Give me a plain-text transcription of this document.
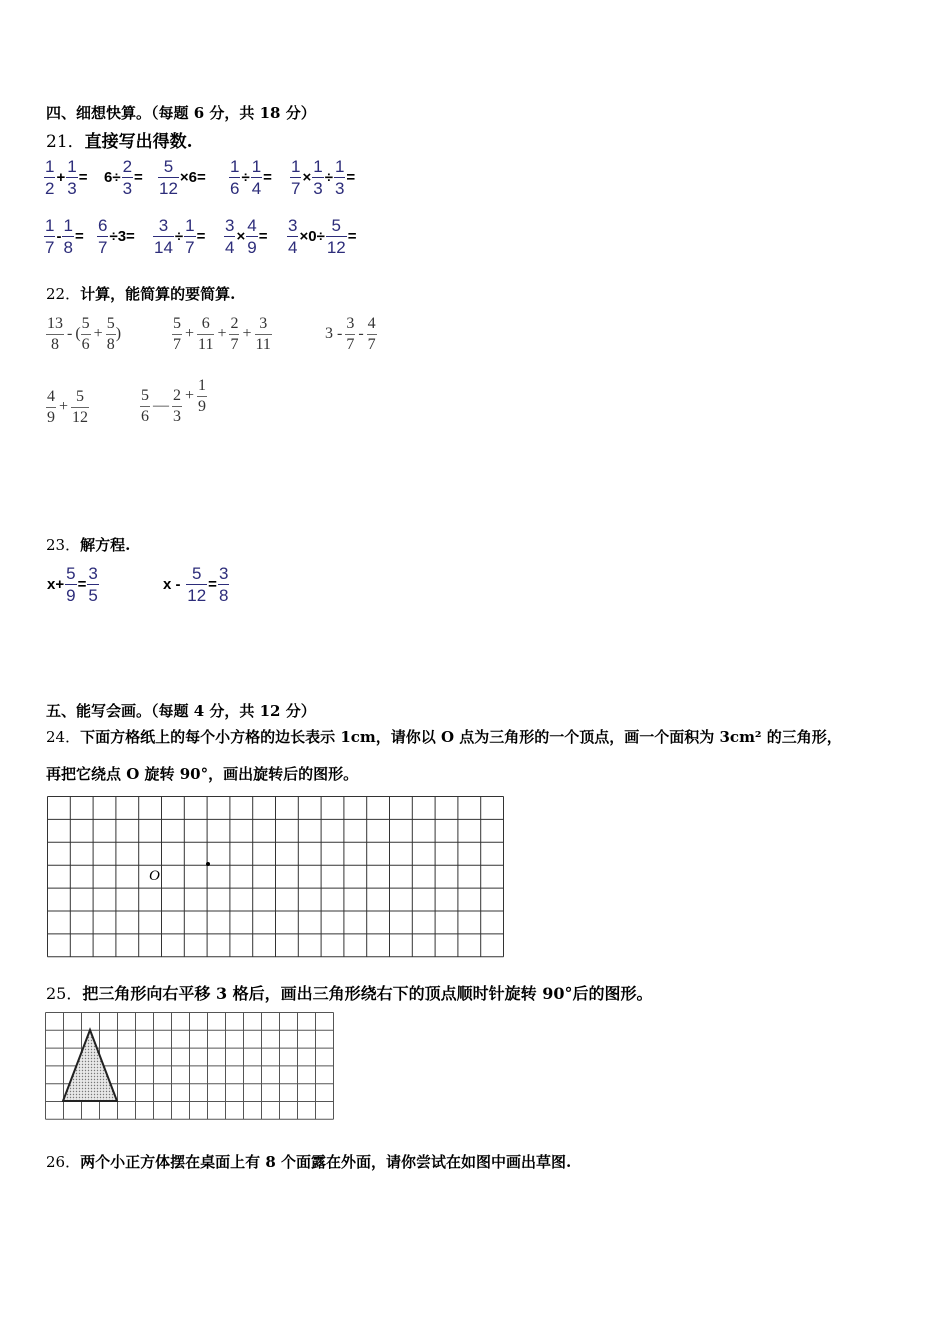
四、细想快算。（每题 6 分，共 18 分）
21．直接写出得数.
$\frac{1}{2} + \frac{1}{3} = 6\div \frac{2}{3} = \frac{5}{12} \times 6= \frac{1}{6} \div \frac{1}{4} = \frac{1}{7} \times \frac{1}{3} \div \frac{1}{3}$ =
$\frac{1}{7} - \frac{1}{8} = \frac{6}{7} \div 3= \frac{3}{14} \div \frac{1}{7} = \frac{3}{4} \times \frac{4}{9} = \frac{3}{4} \times 0\div \frac{5}{12}$ =
22．计算，能简算的要简算.
$\frac{13}{8}$ - ( $\frac{5}{6} + \frac{5}{8}$ )	$\frac{5}{7} + \frac{6}{11} + \frac{2}{7} + \frac{3}{11}$	$3 - \frac{3}{7} - \frac{4}{7}$
$\frac{4}{9} + \frac{5}{12}$	$\frac{5}{6}$ — $\frac{2}{3} + \frac{1}{9}$
23．解方程.
$x+ \frac{5}{9} = \frac{3}{5}$	$x - \frac{5}{12} = \frac{3}{8}$
五、能写会画。（每题 4 分，共 12 分）
24．下面方格纸上的每个小方格的边长表示 1cm，请你以 O 点为三角形的一个顶点，画一个面积为 3cm² 的三角形，
再把它绕点 O 旋转 90°，画出旋转后的图形。
O
25．把三角形向右平移 3 格后，画出三角形绕右下的顶点顺时针旋转 90°后的图形。
26．两个小正方体摆在桌面上有 8 个面露在外面，请你尝试在如图中画出草图.
